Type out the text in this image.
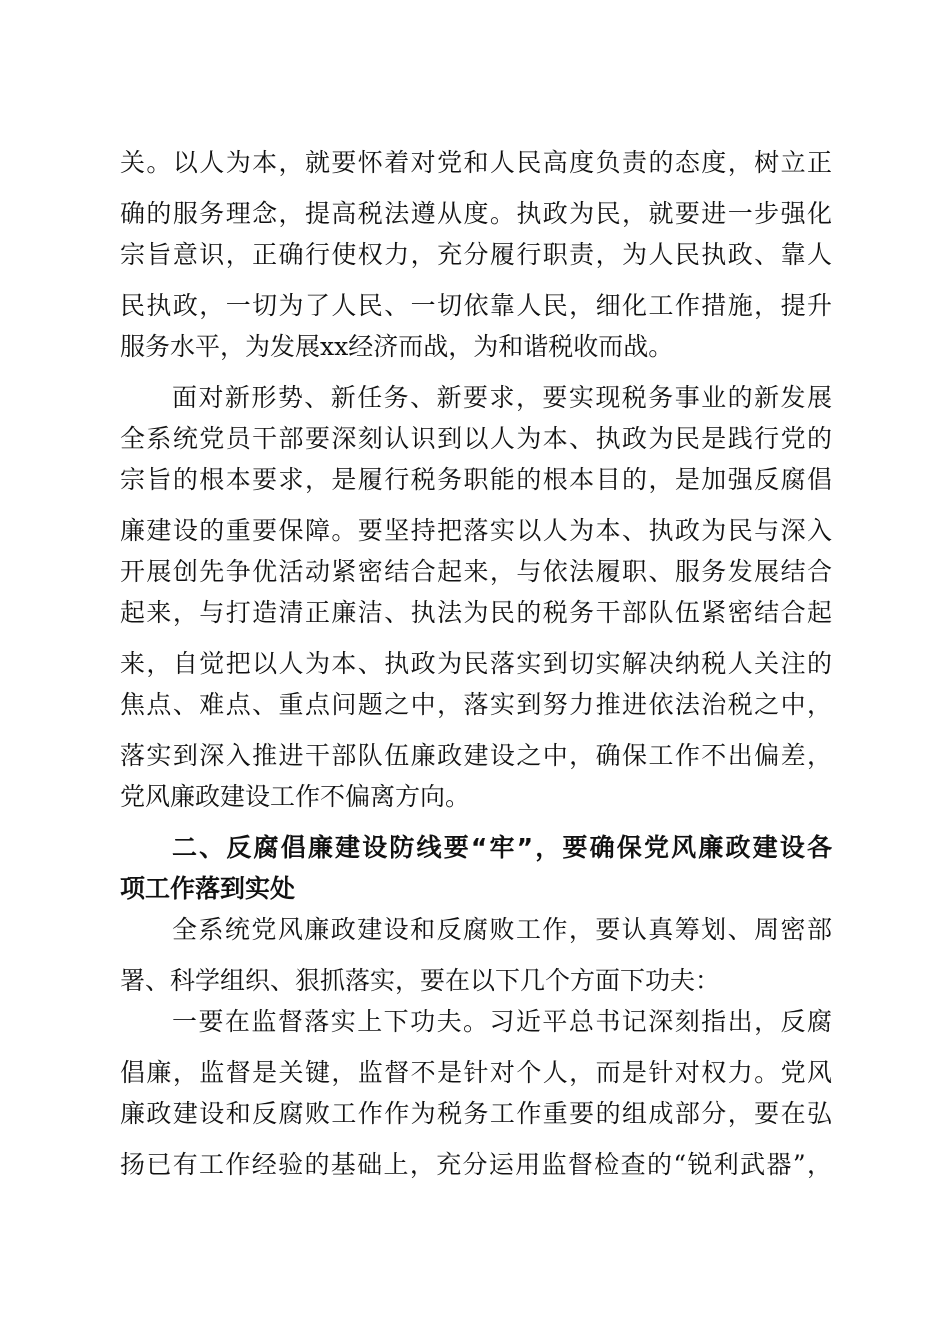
关。以人为本，就要怀着对党和人民高度负责的态度，树立正
确的服务理念，提高税法遵从度。执政为民，就要进一步强化
宗旨意识，正确行使权力，充分履行职责，为人民执政、靠人
民执政，一切为了人民、一切依靠人民，细化工作措施，提升
服务水平，为发展xx经济而战，为和谐税收而战。
面对新形势、新任务、新要求，要实现税务事业的新发展
全系统党员干部要深刻认识到以人为本、执政为民是践行党的
宗旨的根本要求，是履行税务职能的根本目的，是加强反腐倡
廉建设的重要保障。要坚持把落实以人为本、执政为民与深入
开展创先争优活动紧密结合起来，与依法履职、服务发展结合
起来，与打造清正廉洁、执法为民的税务干部队伍紧密结合起
来，自觉把以人为本、执政为民落实到切实解决纳税人关注的
焦点、难点、重点问题之中，落实到努力推进依法治税之中，
落实到深入推进干部队伍廉政建设之中，确保工作不出偏差，
党风廉政建设工作不偏离方向。
二、反腐倡廉建设防线要“牢”，要确保党风廉政建设各
项工作落到实处
全系统党风廉政建设和反腐败工作，要认真筹划、周密部
署、科学组织、狠抓落实，要在以下几个方面下功夫：
一要在监督落实上下功夫。习近平总书记深刻指出，反腐
倡廉，监督是关键，监督不是针对个人，而是针对权力。党风
廉政建设和反腐败工作作为税务工作重要的组成部分，要在弘
扬已有工作经验的基础上，充分运用监督检查的“锐利武器”，
